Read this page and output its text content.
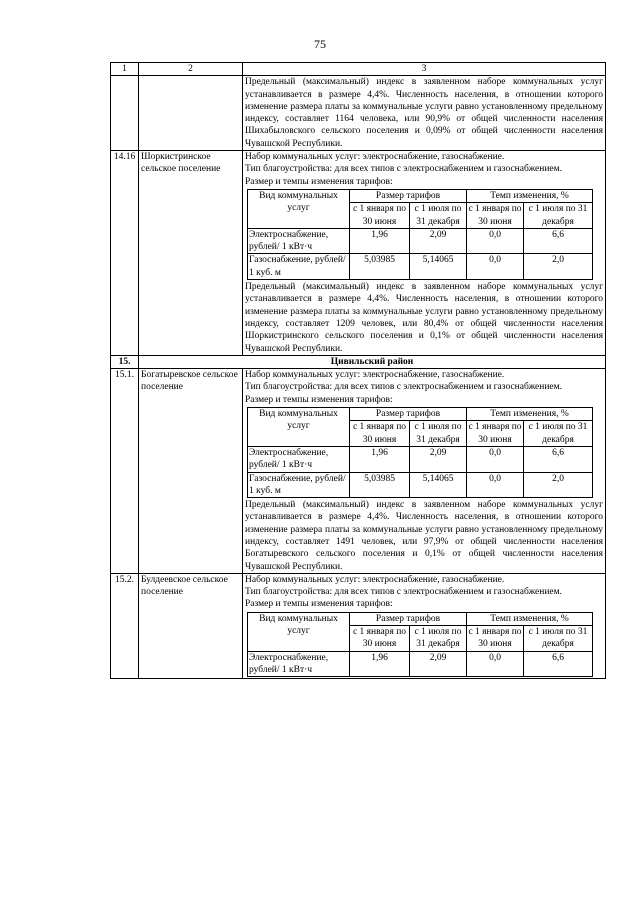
75
1	2	3
		Предельный (максимальный) индекс в заявленном наборе коммунальных услуг устанавливается в размере 4,4%. Численность населения, в отношении которого изменение размера платы за коммунальные услуги равно установленному предельному индексу, составляет 1164 человека, или 90,9% от общей численности населения Шихабыловского сельского поселения и 0,09% от общей численности населения Чувашской Республики.
14.16	Шоркистринское сельское поселение	

Набор коммунальных услуг: электроснабжение, газоснабжение.

Тип благоустройства: для всех типов с электроснабжением и газоснабжением.

Размер и темпы изменения тарифов:

Вид коммунальных услуг	Размер тарифов	Темп изменения, %
с 1 января по 30 июня	с 1 июля по 31 декабря	с 1 января по 30 июня	с 1 июля по 31 декабря
Электроснабжение, рублей/ 1 кВт·ч	1,96	2,09	0,0	6,6
Газоснабжение, рублей/ 1 куб. м	5,03985	5,14065	0,0	2,0

Предельный (максимальный) индекс в заявленном наборе коммунальных услуг устанавливается в размере 4,4%. Численность населения, в отношении которого изменение размера платы за коммунальные услуги равно установленному предельному индексу, составляет 1209 человек, или 80,4% от общей численности населения Шоркистринского сельского поселения и 0,1% от общей численности населения Чувашской Республики.

15.	Цивильский район
15.1.	Богатыревское сельское поселение	

Набор коммунальных услуг: электроснабжение, газоснабжение.

Тип благоустройства: для всех типов с электроснабжением и газоснабжением.

Размер и темпы изменения тарифов:

Вид коммунальных услуг	Размер тарифов	Темп изменения, %
с 1 января по 30 июня	с 1 июля по 31 декабря	с 1 января по 30 июня	с 1 июля по 31 декабря
Электроснабжение, рублей/ 1 кВт·ч	1,96	2,09	0,0	6,6
Газоснабжение, рублей/ 1 куб. м	5,03985	5,14065	0,0	2,0

Предельный (максимальный) индекс в заявленном наборе коммунальных услуг устанавливается в размере 4,4%. Численность населения, в отношении которого изменение размера платы за коммунальные услуги равно установленному предельному индексу, составляет 1491 человек, или 97,9% от общей численности населения Богатыревского сельского поселения и 0,1% от общей численности населения Чувашской Республики.

15.2.	Булдеевское сельское поселение	

Набор коммунальных услуг: электроснабжение, газоснабжение.

Тип благоустройства: для всех типов с электроснабжением и газоснабжением.

Размер и темпы изменения тарифов:

Вид коммунальных услуг	Размер тарифов	Темп изменения, %
с 1 января по 30 июня	с 1 июля по 31 декабря	с 1 января по 30 июня	с 1 июля по 31 декабря
Электроснабжение, рублей/ 1 кВт·ч	1,96	2,09	0,0	6,6
